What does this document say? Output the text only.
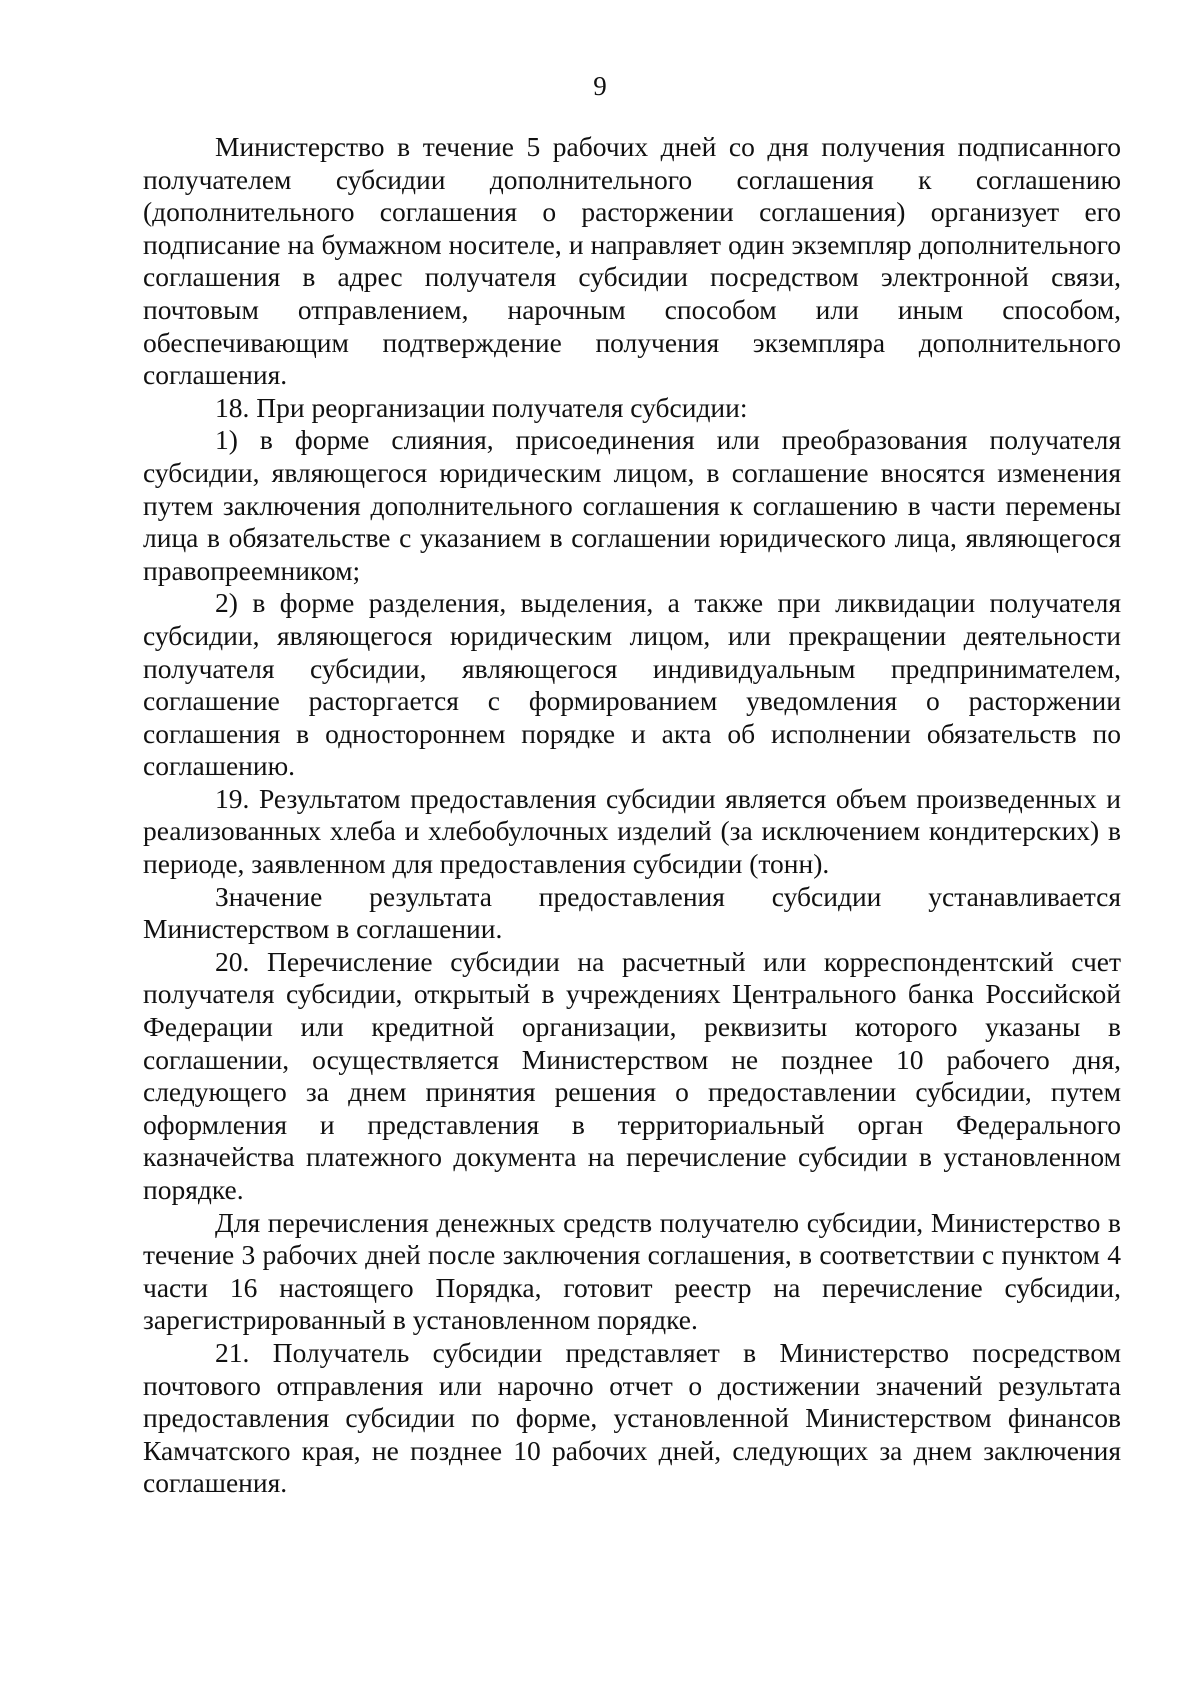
9

Министерство в течение 5 рабочих дней со дня получения подписанного получателем субсидии дополнительного соглашения к соглашению (дополнительного соглашения о расторжении соглашения) организует его подписание на бумажном носителе, и направляет один экземпляр дополнительного соглашения в адрес получателя субсидии посредством электронной связи, почтовым отправлением, нарочным способом или иным способом, обеспечивающим подтверждение получения экземпляра дополнительного соглашения.

18. При реорганизации получателя субсидии:

1) в форме слияния, присоединения или преобразования получателя субсидии, являющегося юридическим лицом, в соглашение вносятся изменения путем заключения дополнительного соглашения к соглашению в части перемены лица в обязательстве с указанием в соглашении юридического лица, являющегося правопреемником;

2) в форме разделения, выделения, а также при ликвидации получателя субсидии, являющегося юридическим лицом, или прекращении деятельности получателя субсидии, являющегося индивидуальным предпринимателем, соглашение расторгается с формированием уведомления о расторжении соглашения в одностороннем порядке и акта об исполнении обязательств по соглашению.

19. Результатом предоставления субсидии является объем произведенных и реализованных хлеба и хлебобулочных изделий (за исключением кондитерских) в периоде, заявленном для предоставления субсидии (тонн).

Значение результата предоставления субсидии устанавливается Министерством в соглашении.

20. Перечисление субсидии на расчетный или корреспондентский счет получателя субсидии, открытый в учреждениях Центрального банка Российской Федерации или кредитной организации, реквизиты которого указаны в соглашении, осуществляется Министерством не позднее 10 рабочего дня, следующего за днем принятия решения о предоставлении субсидии, путем оформления и представления в территориальный орган Федерального казначейства платежного документа на перечисление субсидии в установленном порядке.

Для перечисления денежных средств получателю субсидии, Министерство в течение 3 рабочих дней после заключения соглашения, в соответствии с пунктом 4 части 16 настоящего Порядка, готовит реестр на перечисление субсидии, зарегистрированный в установленном порядке.

21. Получатель субсидии представляет в Министерство посредством почтового отправления или нарочно отчет о достижении значений результата предоставления субсидии по форме, установленной Министерством финансов Камчатского края, не позднее 10 рабочих дней, следующих за днем заключения соглашения.
